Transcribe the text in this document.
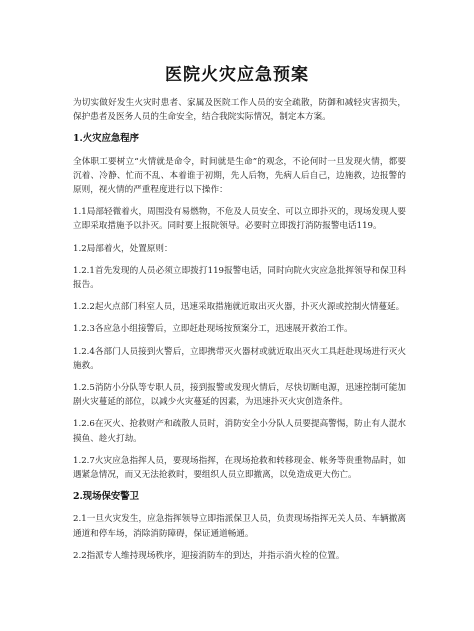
医院火灾应急预案

为切实做好发生火灾时患者、家属及医院工作人员的安全疏散，防御和减轻灾害损失，保护患者及医务人员的生命安全，结合我院实际情况，制定本方案。

1.火灾应急程序

全体职工要树立“火情就是命令，时间就是生命”的观念，不论何时一旦发现火情，都要沉着、冷静、忙而不乱、本着谁于初期，先人后物，先病人后自己，边施救，边报警的原则，视火情的严重程度进行以下操作：

1.1局部轻微着火，周围没有易燃物，不危及人员安全、可以立即扑灭的，现场发现人要立即采取措施予以扑灭。同时要上报院领导。必要时立即拨打消防报警电话119。

1.2局部着火，处置原则：

1.2.1首先发现的人员必须立即拨打119报警电话，同时向院火灾应急批挥领导和保卫科报告。

1.2.2起火点部门科室人员，迅速采取措施就近取出灭火器，扑灭火源或控制火情蔓延。

1.2.3各应急小组接警后，立即赶赴现场按预案分工，迅速展开救治工作。

1.2.4各部门人员接到火警后，立即携带灭火器材或就近取出灭火工具赶赴现场进行灭火施救。

1.2.5消防小分队等专职人员，接到报警或发现火情后，尽快切断电源，迅速控制可能加剧火灾蔓延的部位，以减少火灾蔓延的因素，为迅速扑灭火灾创造条件。

1.2.6在灭火、抢救财产和疏散人员时，消防安全小分队人员要提高警惕，防止有人混水摸鱼、趁火打劫。

1.2.7火灾应急指挥人员，要现场指挥，在现场抢救和转移现金、帐务等贵重物品时，如遇紧急情况，而又无法抢救时，要组织人员立即撤离，以免造成更大伤亡。

2.现场保安警卫

2.1一旦火灾发生，应急指挥领导立即指派保卫人员，负责现场指挥无关人员、车辆撤离通道和停车场，消除消防障碍，保证通道畅通。

2.2指派专人维持现场秩序，迎接消防车的到达，并指示消火栓的位置。
